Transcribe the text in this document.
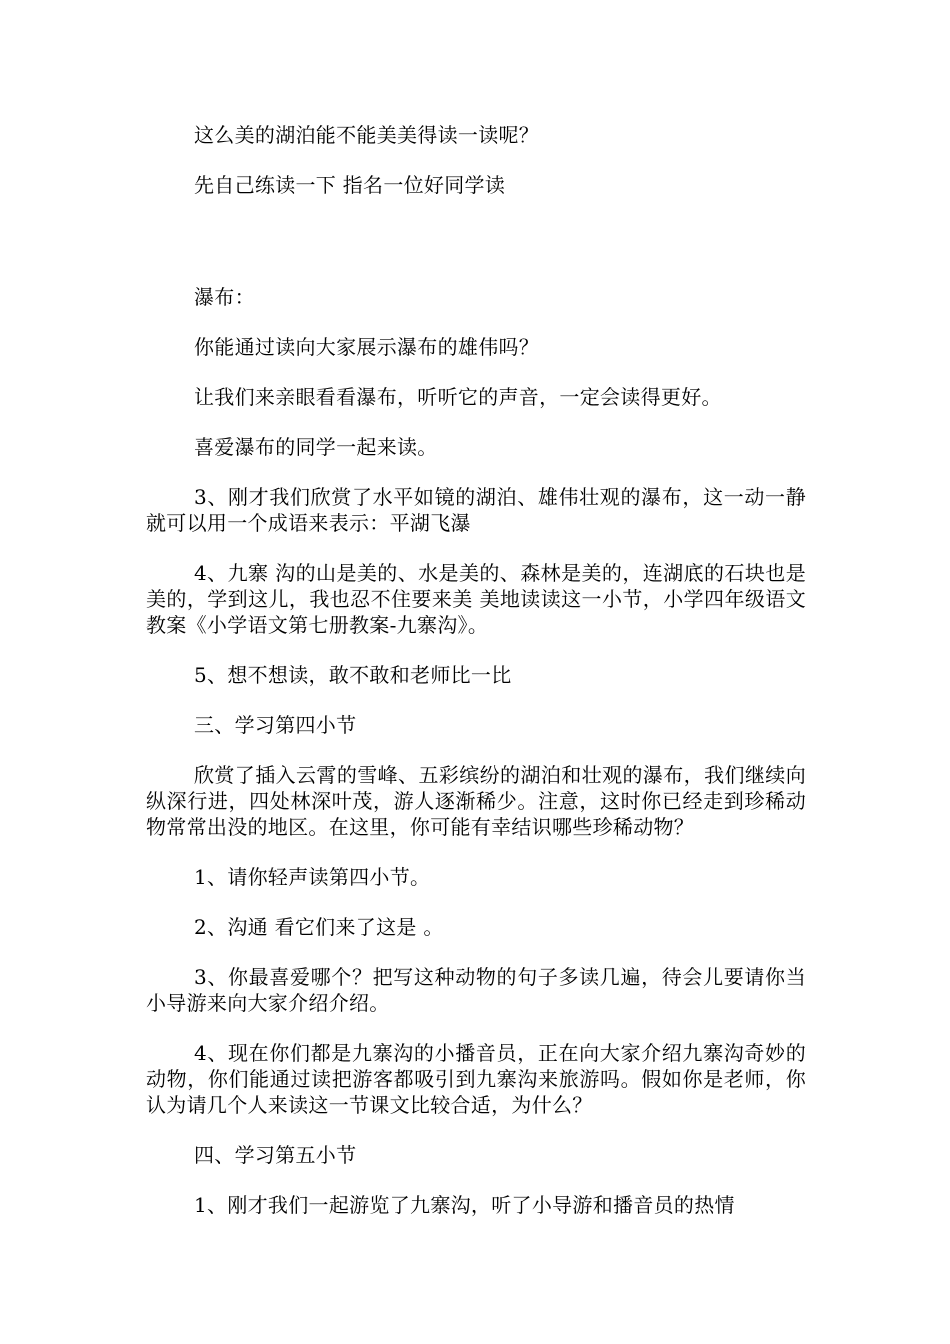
这么美的湖泊能不能美美得读一读呢？

先自己练读一下 指名一位好同学读

瀑布：

你能通过读向大家展示瀑布的雄伟吗？

让我们来亲眼看看瀑布，听听它的声音，一定会读得更好。

喜爱瀑布的同学一起来读。

3、刚才我们欣赏了水平如镜的湖泊、雄伟壮观的瀑布，这一动一静就可以用一个成语来表示：平湖飞瀑

4、九寨 沟的山是美的、水是美的、森林是美的，连湖底的石块也是美的，学到这儿，我也忍不住要来美 美地读读这一小节，小学四年级语文教案《小学语文第七册教案-九寨沟》。

5、想不想读，敢不敢和老师比一比

三、学习第四小节

欣赏了插入云霄的雪峰、五彩缤纷的湖泊和壮观的瀑布，我们继续向纵深行进，四处林深叶茂，游人逐渐稀少。注意，这时你已经走到珍稀动物常常出没的地区。在这里，你可能有幸结识哪些珍稀动物？

1、请你轻声读第四小节。

2、沟通 看它们来了这是 。

3、你最喜爱哪个？把写这种动物的句子多读几遍，待会儿要请你当小导游来向大家介绍介绍。

4、现在你们都是九寨沟的小播音员，正在向大家介绍九寨沟奇妙的动物，你们能通过读把游客都吸引到九寨沟来旅游吗。假如你是老师，你认为请几个人来读这一节课文比较合适，为什么？

四、学习第五小节

1、刚才我们一起游览了九寨沟，听了小导游和播音员的热情
